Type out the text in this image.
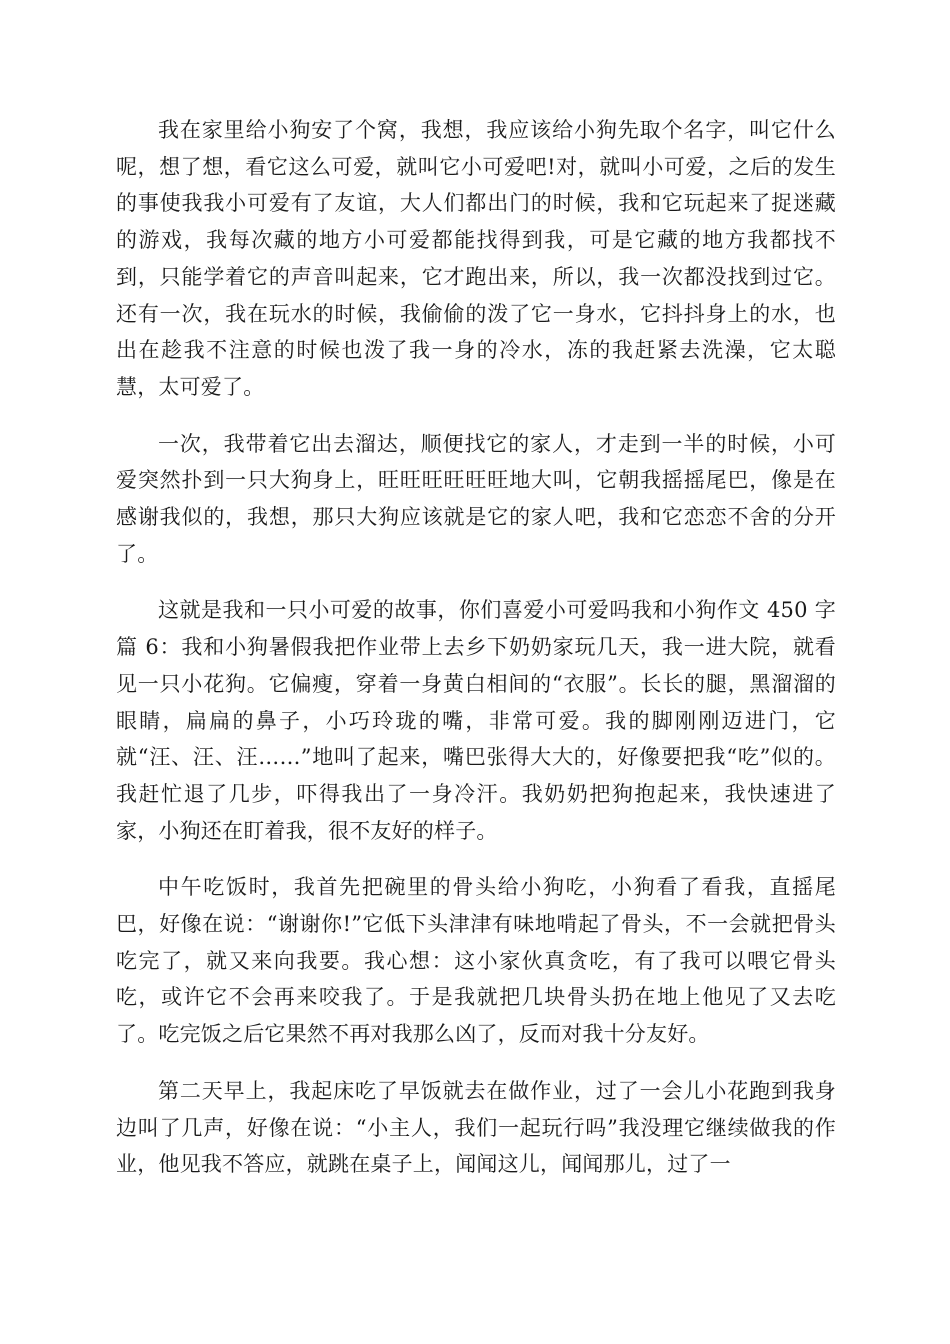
我在家里给小狗安了个窝，我想，我应该给小狗先取个名字，叫它什么呢，想了想，看它这么可爱，就叫它小可爱吧!对，就叫小可爱，之后的发生的事使我我小可爱有了友谊，大人们都出门的时候，我和它玩起来了捉迷藏的游戏，我每次藏的地方小可爱都能找得到我，可是它藏的地方我都找不到，只能学着它的声音叫起来，它才跑出来，所以，我一次都没找到过它。还有一次，我在玩水的时候，我偷偷的泼了它一身水，它抖抖身上的水，也出在趁我不注意的时候也泼了我一身的冷水，冻的我赶紧去洗澡，它太聪慧，太可爱了。

一次，我带着它出去溜达，顺便找它的家人，才走到一半的时候，小可爱突然扑到一只大狗身上，旺旺旺旺旺旺地大叫，它朝我摇摇尾巴，像是在感谢我似的，我想，那只大狗应该就是它的家人吧，我和它恋恋不舍的分开了。

这就是我和一只小可爱的故事，你们喜爱小可爱吗我和小狗作文 450 字篇 6：我和小狗暑假我把作业带上去乡下奶奶家玩几天，我一进大院，就看见一只小花狗。它偏瘦，穿着一身黄白相间的“衣服”。长长的腿，黑溜溜的眼睛，扁扁的鼻子，小巧玲珑的嘴，非常可爱。我的脚刚刚迈进门，它就“汪、汪、汪……”地叫了起来，嘴巴张得大大的，好像要把我“吃”似的。我赶忙退了几步，吓得我出了一身冷汗。我奶奶把狗抱起来，我快速进了家，小狗还在盯着我，很不友好的样子。

中午吃饭时，我首先把碗里的骨头给小狗吃，小狗看了看我，直摇尾巴，好像在说：“谢谢你!”它低下头津津有味地啃起了骨头，不一会就把骨头吃完了，就又来向我要。我心想：这小家伙真贪吃，有了我可以喂它骨头吃，或许它不会再来咬我了。于是我就把几块骨头扔在地上他见了又去吃了。吃完饭之后它果然不再对我那么凶了，反而对我十分友好。

第二天早上，我起床吃了早饭就去在做作业，过了一会儿小花跑到我身边叫了几声，好像在说：“小主人，我们一起玩行吗”我没理它继续做我的作业，他见我不答应，就跳在桌子上，闻闻这儿，闻闻那儿，过了一
